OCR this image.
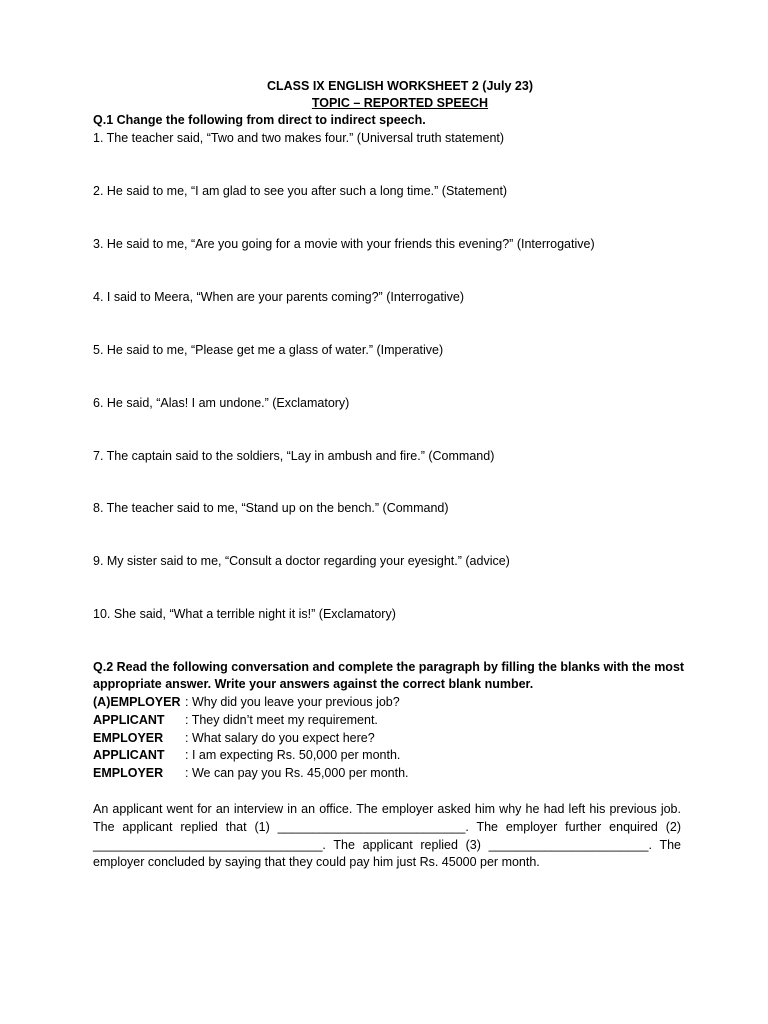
CLASS IX ENGLISH WORKSHEET 2 (July 23)
TOPIC – REPORTED SPEECH
Q.1 Change the following from direct to indirect speech.
1. The teacher said, “Two and two makes four.” (Universal truth statement)
2. He said to me, “I am glad to see you after such a long time.” (Statement)
3. He said to me, “Are you going for a movie with your friends this evening?” (Interrogative)
4. I said to Meera, “When are your parents coming?” (Interrogative)
5. He said to me, “Please get me a glass of water.” (Imperative)
6. He said, “Alas! I am undone.” (Exclamatory)
7. The captain said to the soldiers, “Lay in ambush and fire.” (Command)
8. The teacher said to me, “Stand up on the bench.” (Command)
9. My sister said to me, “Consult a doctor regarding your eyesight.” (advice)
10. She said, “What a terrible night it is!” (Exclamatory)
Q.2 Read the following conversation and complete the paragraph by filling the blanks with the most
appropriate answer. Write your answers against the correct blank number.
(A)EMPLOYER : Why did you leave your previous job?
APPLICANT : They didn’t meet my requirement.
EMPLOYER : What salary do you expect here?
APPLICANT : I am expecting Rs. 50,000 per month.
EMPLOYER : We can pay you Rs. 45,000 per month.
An applicant went for an interview in an office. The employer asked him why he had left his previous job. The applicant replied that (1) ___________________________. The employer further enquired (2) _________________________________. The applicant replied (3) _______________________. The employer concluded by saying that they could pay him just Rs. 45000 per month.
